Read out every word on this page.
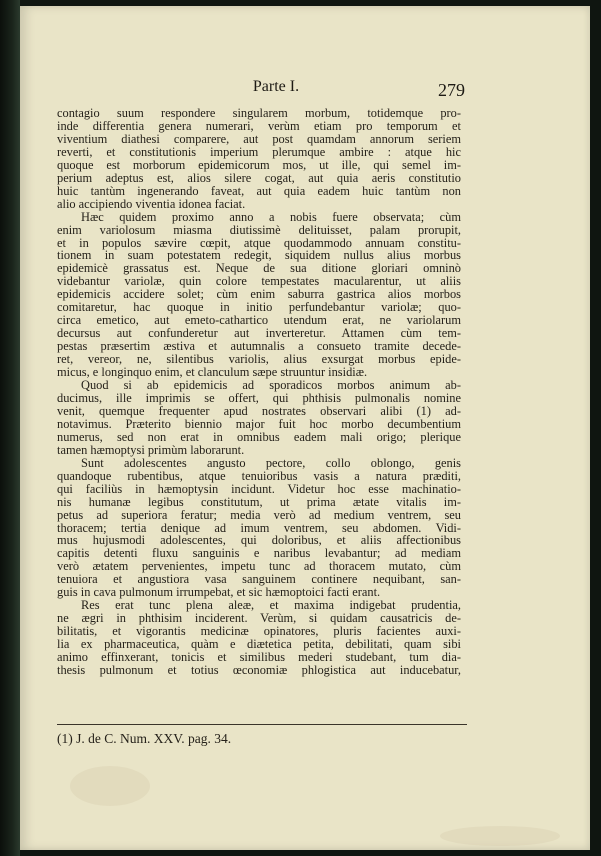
Parte I.	279
contagio suum respondere singularem morbum, totidemque pro-
inde differentia genera numerari, verùm etiam pro temporum et
viventium diathesi comparere, aut post quamdam annorum seriem
reverti, et constitutionis imperium plerumque ambire : atque hic
quoque est morborum epidemicorum mos, ut ille, qui semel im-
perium adeptus est, alios silere cogat, aut quia aeris constitutio
huic tantùm ingenerando faveat, aut quia eadem huic tantùm non
alio accipiendo viventia idonea faciat.
Hæc quidem proximo anno a nobis fuere observata; cùm
enim variolosum miasma diutissimè delituisset, palam prorupit,
et in populos sævire cœpit, atque quodammodo annuam constitu-
tionem in suam potestatem redegit, siquidem nullus alius morbus
epidemicè grassatus est. Neque de sua ditione gloriari omninò
videbantur variolæ, quin colore tempestates macularentur, ut aliis
epidemicis accidere solet; cùm enim saburra gastrica alios morbos
comitaretur, hac quoque in initio perfundebantur variolæ; quo-
circa emetico, aut emeto-cathartico utendum erat, ne variolarum
decursus aut confunderetur aut inverteretur. Attamen cùm tem-
pestas præsertim æstiva et autumnalis a consueto tramite decede-
ret, vereor, ne, silentibus variolis, alius exsurgat morbus epide-
micus, e longinquo enim, et clanculum sæpe struuntur insidiæ.
Quod si ab epidemicis ad sporadicos morbos animum ab-
ducimus, ille imprimis se offert, qui phthisis pulmonalis nomine
venit, quemque frequenter apud nostrates observari alibi (1) ad-
notavimus. Præterito biennio major fuit hoc morbo decumbentium
numerus, sed non erat in omnibus eadem mali origo; plerique
tamen hæmoptysi primùm laborarunt.
Sunt adolescentes angusto pectore, collo oblongo, genis
quandoque rubentibus, atque tenuioribus vasis a natura præditi,
qui faciliùs in hæmoptysin incidunt. Videtur hoc esse machinatio-
nis humanæ legibus constitutum, ut prima ætate vitalis im-
petus ad superiora feratur; media verò ad medium ventrem, seu
thoracem; tertia denique ad imum ventrem, seu abdomen. Vidi-
mus hujusmodi adolescentes, qui doloribus, et aliis affectionibus
capitis detenti fluxu sanguinis e naribus levabantur; ad mediam
verò ætatem pervenientes, impetu tunc ad thoracem mutato, cùm
tenuiora et angustiora vasa sanguinem continere nequibant, san-
guis in cava pulmonum irrumpebat, et sic hæmoptoici facti erant.
Res erat tunc plena aleæ, et maxima indigebat prudentia,
ne ægri in phthisim inciderent. Verùm, si quidam causatricis de-
bilitatis, et vigorantis medicinæ opinatores, pluris facientes auxi-
lia ex pharmaceutica, quàm e diætetica petita, debilitati, quam sibi
animo effinxerant, tonicis et similibus mederi studebant, tum dia-
thesis pulmonum et totius œconomiæ phlogistica aut inducebatur,
(1) J. de C. Num. XXV. pag. 34.
